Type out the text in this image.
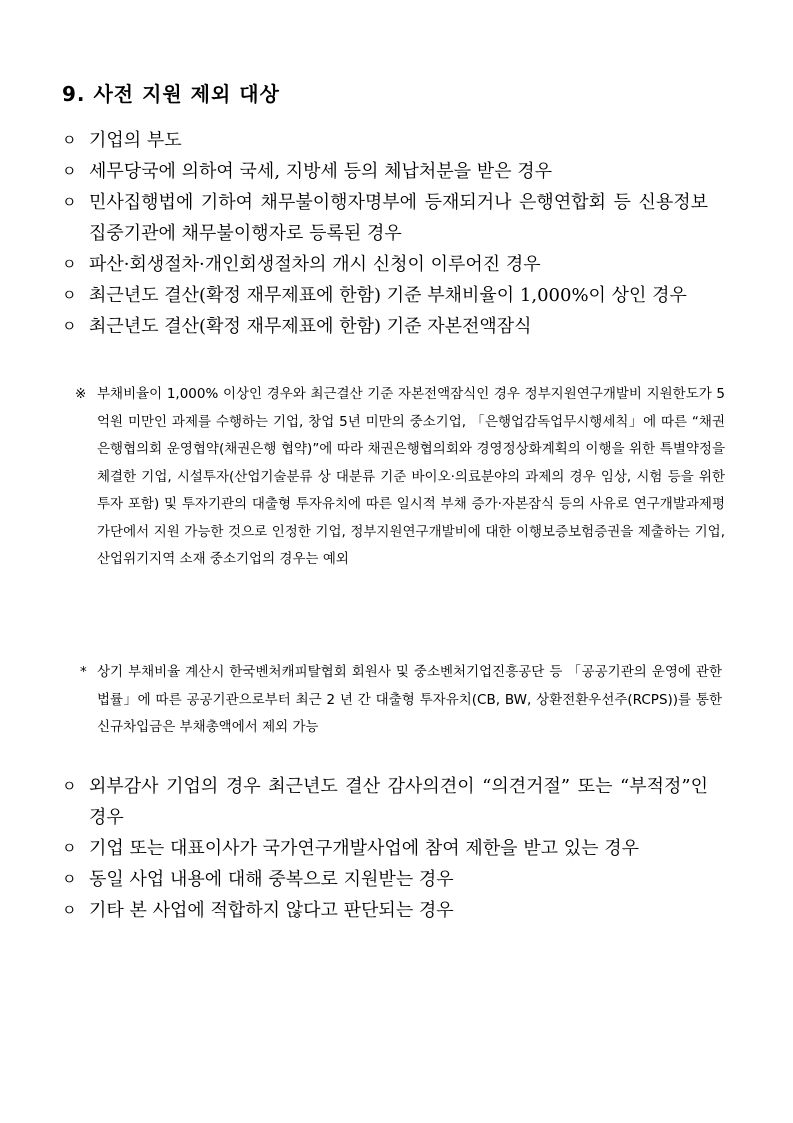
9. 사전 지원 제외 대상
ㅇ 기업의 부도
ㅇ 세무당국에 의하여 국세, 지방세 등의 체납처분을 받은 경우
ㅇ 민사집행법에 기하여 채무불이행자명부에 등재되거나 은행연합회 등 신용정보 집중기관에 채무불이행자로 등록된 경우
ㅇ 파산·회생절차·개인회생절차의 개시 신청이 이루어진 경우
ㅇ 최근년도 결산(확정 재무제표에 한함) 기준 부채비율이 1,000%이 상인 경우
ㅇ 최근년도 결산(확정 재무제표에 한함) 기준 자본전액잠식
※ 부채비율이 1,000% 이상인 경우와 최근결산 기준 자본전액잠식인 경우 정부지원연구개발비 지원한도가 5 억원 미만인 과제를 수행하는 기업, 창업 5년 미만의 중소기업, 「은행업감독업무시행세칙」에 따른 “채권은행협의회 운영협약(채권은행 협약)”에 따라 채권은행협의회와 경영정상화계획의 이행을 위한 특별약정을 체결한 기업, 시설투자(산업기술분류 상 대분류 기준 바이오·의료분야의 과제의 경우 임상, 시험 등을 위한 투자 포함) 및 투자기관의 대출형 투자유치에 따른 일시적 부채 증가·자본잠식 등의 사유로 연구개발과제평가단에서 지원 가능한 것으로 인정한 기업, 정부지원연구개발비에 대한 이행보증보험증권을 제출하는 기업, 산업위기지역 소재 중소기업의 경우는 예외
* 상기 부채비율 계산시 한국벤처캐피탈협회 회원사 및 중소벤처기업진흥공단 등 「공공기관의 운영에 관한 법률」에 따른 공공기관으로부터 최근 2 년 간 대출형 투자유치(CB, BW, 상환전환우선주(RCPS))를 통한 신규차입금은 부채총액에서 제외 가능
ㅇ 외부감사 기업의 경우 최근년도 결산 감사의견이 “의견거절” 또는 “부적정”인 경우
ㅇ 기업 또는 대표이사가 국가연구개발사업에 참여 제한을 받고 있는 경우
ㅇ 동일 사업 내용에 대해 중복으로 지원받는 경우
ㅇ 기타 본 사업에 적합하지 않다고 판단되는 경우
